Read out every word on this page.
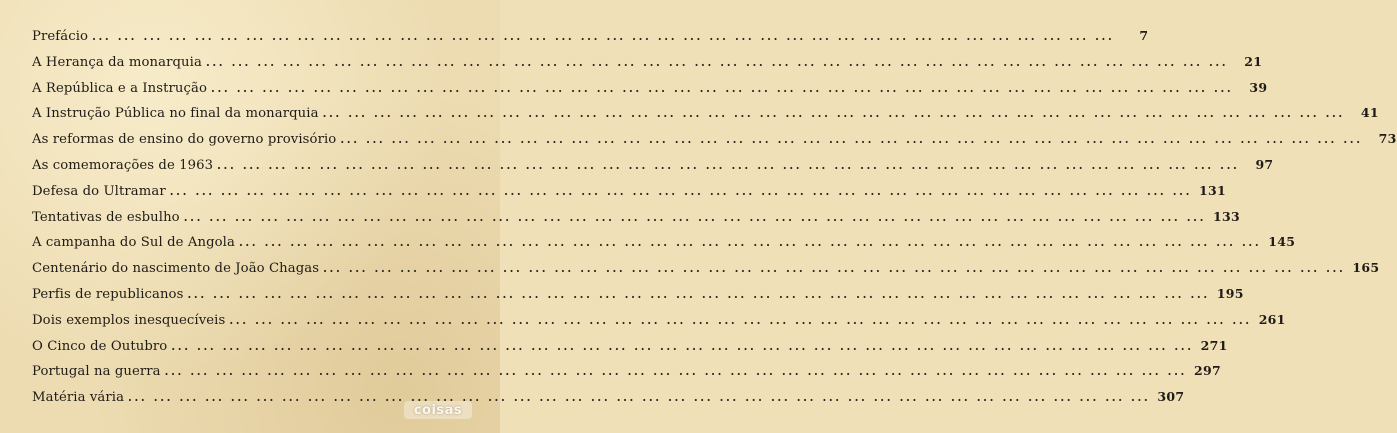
Prefácio ... ... ... ... ... ... ... ... ... ... ... ... ... ... ... ... ... ... ... ... ... ... ... ... ... ... ... ... ... ... ... ... ... ... ... ... ... ... ... ...	7
A Herança da monarquia ... ... ... ... ... ... ... ... ... ... ... ... ... ... ... ... ... ... ... ... ... ... ... ... ... ... ... ... ... ... ... ... ... ... ... ... ... ... ... ...	21
A República e a Instrução ... ... ... ... ... ... ... ... ... ... ... ... ... ... ... ... ... ... ... ... ... ... ... ... ... ... ... ... ... ... ... ... ... ... ... ... ... ... ... ...	39
A Instrução Pública no final da monarquia ... ... ... ... ... ... ... ... ... ... ... ... ... ... ... ... ... ... ... ... ... ... ... ... ... ... ... ... ... ... ... ... ... ... ... ... ... ... ... ...	41
As reformas de ensino do governo provisório ... ... ... ... ... ... ... ... ... ... ... ... ... ... ... ... ... ... ... ... ... ... ... ... ... ... ... ... ... ... ... ... ... ... ... ... ... ... ... ...	73
As comemorações de 1963 ... ... ... ... ... ... ... ... ... ... ... ... ... ... ... ... ... ... ... ... ... ... ... ... ... ... ... ... ... ... ... ... ... ... ... ... ... ... ... ...	97
Defesa do Ultramar ... ... ... ... ... ... ... ... ... ... ... ... ... ... ... ... ... ... ... ... ... ... ... ... ... ... ... ... ... ... ... ... ... ... ... ... ... ... ... ... 131
Tentativas de esbulho ... ... ... ... ... ... ... ... ... ... ... ... ... ... ... ... ... ... ... ... ... ... ... ... ... ... ... ... ... ... ... ... ... ... ... ... ... ... ... ... 133
A campanha do Sul de Angola ... ... ... ... ... ... ... ... ... ... ... ... ... ... ... ... ... ... ... ... ... ... ... ... ... ... ... ... ... ... ... ... ... ... ... ... ... ... ... ... 145
Centenário do nascimento de João Chagas ... ... ... ... ... ... ... ... ... ... ... ... ... ... ... ... ... ... ... ... ... ... ... ... ... ... ... ... ... ... ... ... ... ... ... ... ... ... ... ... 165
Perfis de republicanos ... ... ... ... ... ... ... ... ... ... ... ... ... ... ... ... ... ... ... ... ... ... ... ... ... ... ... ... ... ... ... ... ... ... ... ... ... ... ... ... 195
Dois exemplos inesquecíveis ... ... ... ... ... ... ... ... ... ... ... ... ... ... ... ... ... ... ... ... ... ... ... ... ... ... ... ... ... ... ... ... ... ... ... ... ... ... ... ... 261
O Cinco de Outubro ... ... ... ... ... ... ... ... ... ... ... ... ... ... ... ... ... ... ... ... ... ... ... ... ... ... ... ... ... ... ... ... ... ... ... ... ... ... ... ... 271
Portugal na guerra ... ... ... ... ... ... ... ... ... ... ... ... ... ... ... ... ... ... ... ... ... ... ... ... ... ... ... ... ... ... ... ... ... ... ... ... ... ... ... ... 297
Matéria vária ... ... ... ... ... ... ... ... ... ... ... ... ... ... ... ... ... ... ... ... ... ... ... ... ... ... ... ... ... ... ... ... ... ... ... ... ... ... ... ... 307
coisas
